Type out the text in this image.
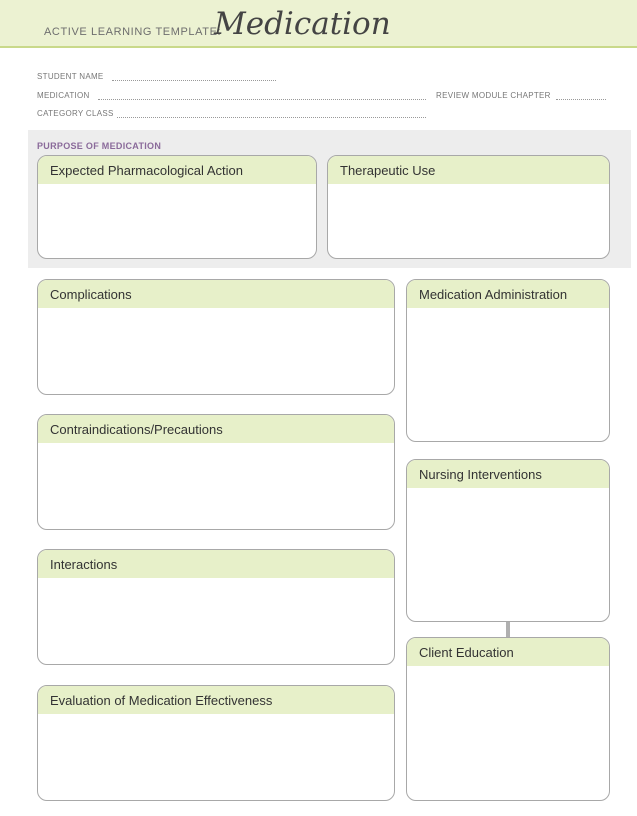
ACTIVE LEARNING TEMPLATE:
Medication
STUDENT NAME
MEDICATION	REVIEW MODULE CHAPTER
CATEGORY CLASS
PURPOSE OF MEDICATION
Expected Pharmacological Action	Therapeutic Use
Complications
Contraindications/Precautions
Interactions
Evaluation of Medication Effectiveness
Medication Administration
Nursing Interventions
Client Education
